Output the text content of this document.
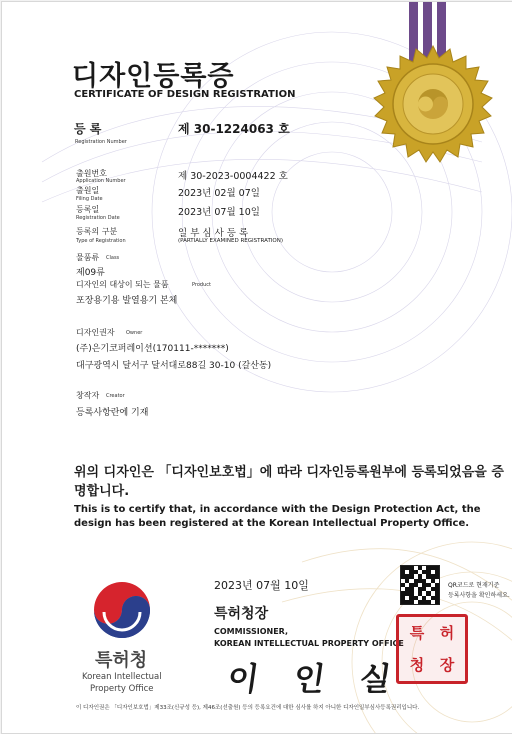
디자인등록증
CERTIFICATE OF DESIGN REGISTRATION
등 록
Registration Number
제 30-1224063 호
출원번호
Application Number	제 30-2023-0004422 호
출원일
Filing Date	2023년 02월 07일
등록일
Registration Date	2023년 07월 10일
등록의 구분
Type of Registration
일 부 심 사 등 록
(PARTIALLY EXAMINED REGISTRATION)
물품류 Class
제09류
디자인의 대상이 되는 물품	Product
포장용기용 발열용기 본체
디자인권자 Owner
(주)은기코퍼레이션(170111-*******)
대구광역시 달서구 달서대로88길 30-10 (갈산동)
창작자 Creator
등록사항란에 기재
위의 디자인은 「디자인보호법」에 따라 디자인등록원부에 등록되었음을 증명합니다.
This is to certify that, in accordance with the Design Protection Act, the design has been registered at the Korean Intellectual Property Office.
2023년 07월 10일	QR코드로 현재기준
등록사항을 확인하세요.
특허청장
COMMISSIONER,
KOREAN INTELLECTUAL PROPERTY OFFICE
이 인 실
특	허
청	장
특허청
Korean Intellectual
Property Office
이 디자인권은 「디자인보호법」제33조(신규성 등), 제46조(선출원) 등의 등록요건에 대한 심사를 하지 아니한 디자인일부심사등록권리입니다.
